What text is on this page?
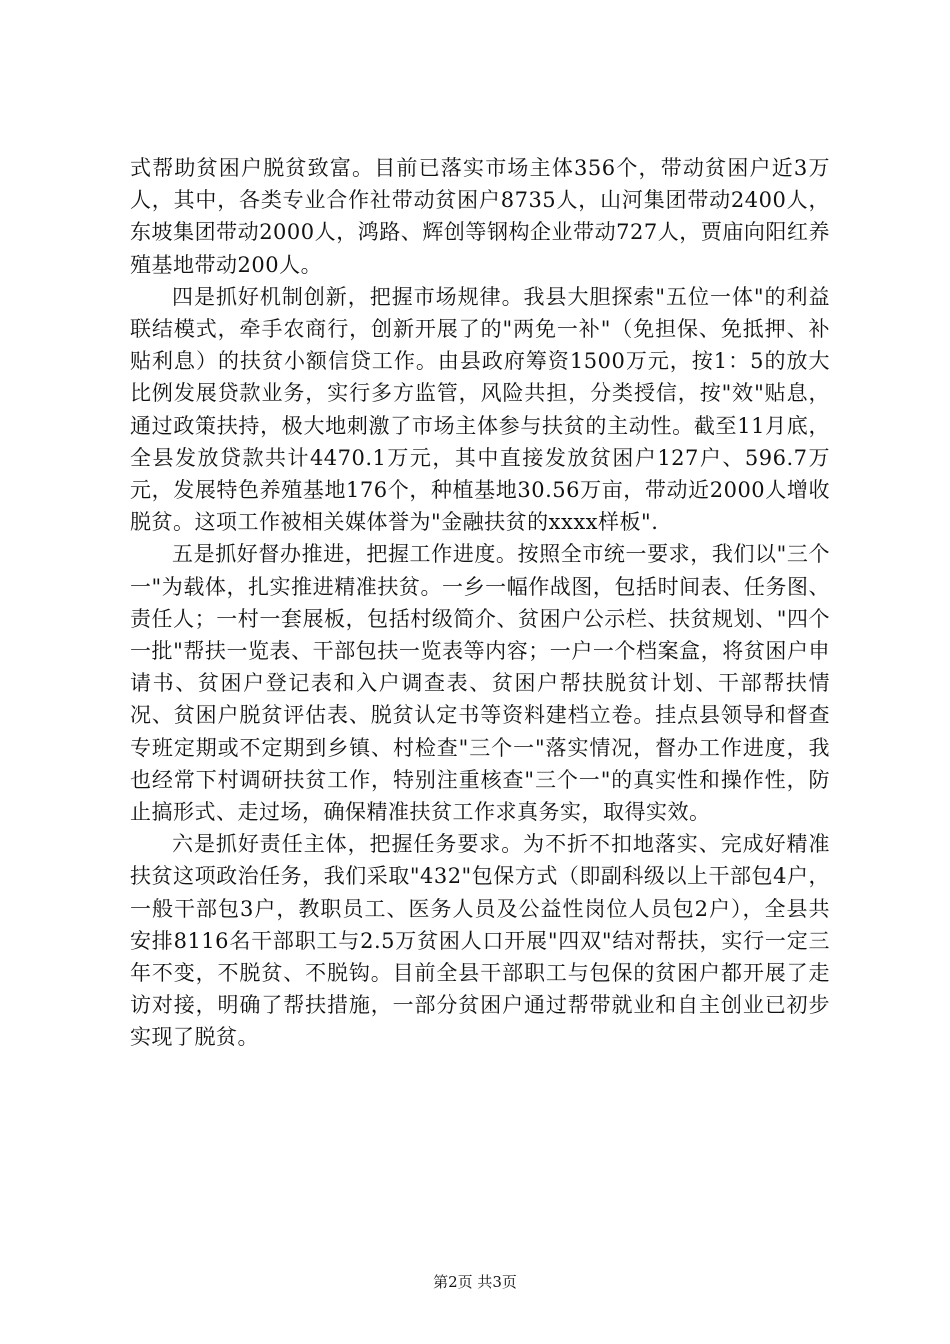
式帮助贫困户脱贫致富。目前已落实市场主体356个，带动贫困户近3万人，其中，各类专业合作社带动贫困户8735人，山河集团带动2400人，东坡集团带动2000人，鸿路、辉创等钢构企业带动727人，贾庙向阳红养殖基地带动200人。

四是抓好机制创新，把握市场规律。我县大胆探索"五位一体"的利益联结模式，牵手农商行，创新开展了的"两免一补"（免担保、免抵押、补贴利息）的扶贫小额信贷工作。由县政府筹资1500万元，按1：5的放大比例发展贷款业务，实行多方监管，风险共担，分类授信，按"效"贴息，通过政策扶持，极大地刺激了市场主体参与扶贫的主动性。截至11月底，全县发放贷款共计4470.1万元，其中直接发放贫困户127户、596.7万元，发展特色养殖基地176个，种植基地30.56万亩，带动近2000人增收脱贫。这项工作被相关媒体誉为"金融扶贫的xxxx样板".

五是抓好督办推进，把握工作进度。按照全市统一要求，我们以"三个一"为载体，扎实推进精准扶贫。一乡一幅作战图，包括时间表、任务图、责任人；一村一套展板，包括村级简介、贫困户公示栏、扶贫规划、"四个一批"帮扶一览表、干部包扶一览表等内容；一户一个档案盒，将贫困户申请书、贫困户登记表和入户调查表、贫困户帮扶脱贫计划、干部帮扶情况、贫困户脱贫评估表、脱贫认定书等资料建档立卷。挂点县领导和督查专班定期或不定期到乡镇、村检查"三个一"落实情况，督办工作进度，我也经常下村调研扶贫工作，特别注重核查"三个一"的真实性和操作性，防止搞形式、走过场，确保精准扶贫工作求真务实，取得实效。

六是抓好责任主体，把握任务要求。为不折不扣地落实、完成好精准扶贫这项政治任务，我们采取"432"包保方式（即副科级以上干部包4户，一般干部包3户，教职员工、医务人员及公益性岗位人员包2户），全县共安排8116名干部职工与2.5万贫困人口开展"四双"结对帮扶，实行一定三年不变，不脱贫、不脱钩。目前全县干部职工与包保的贫困户都开展了走访对接，明确了帮扶措施，一部分贫困户通过帮带就业和自主创业已初步实现了脱贫。

第2页 共3页
